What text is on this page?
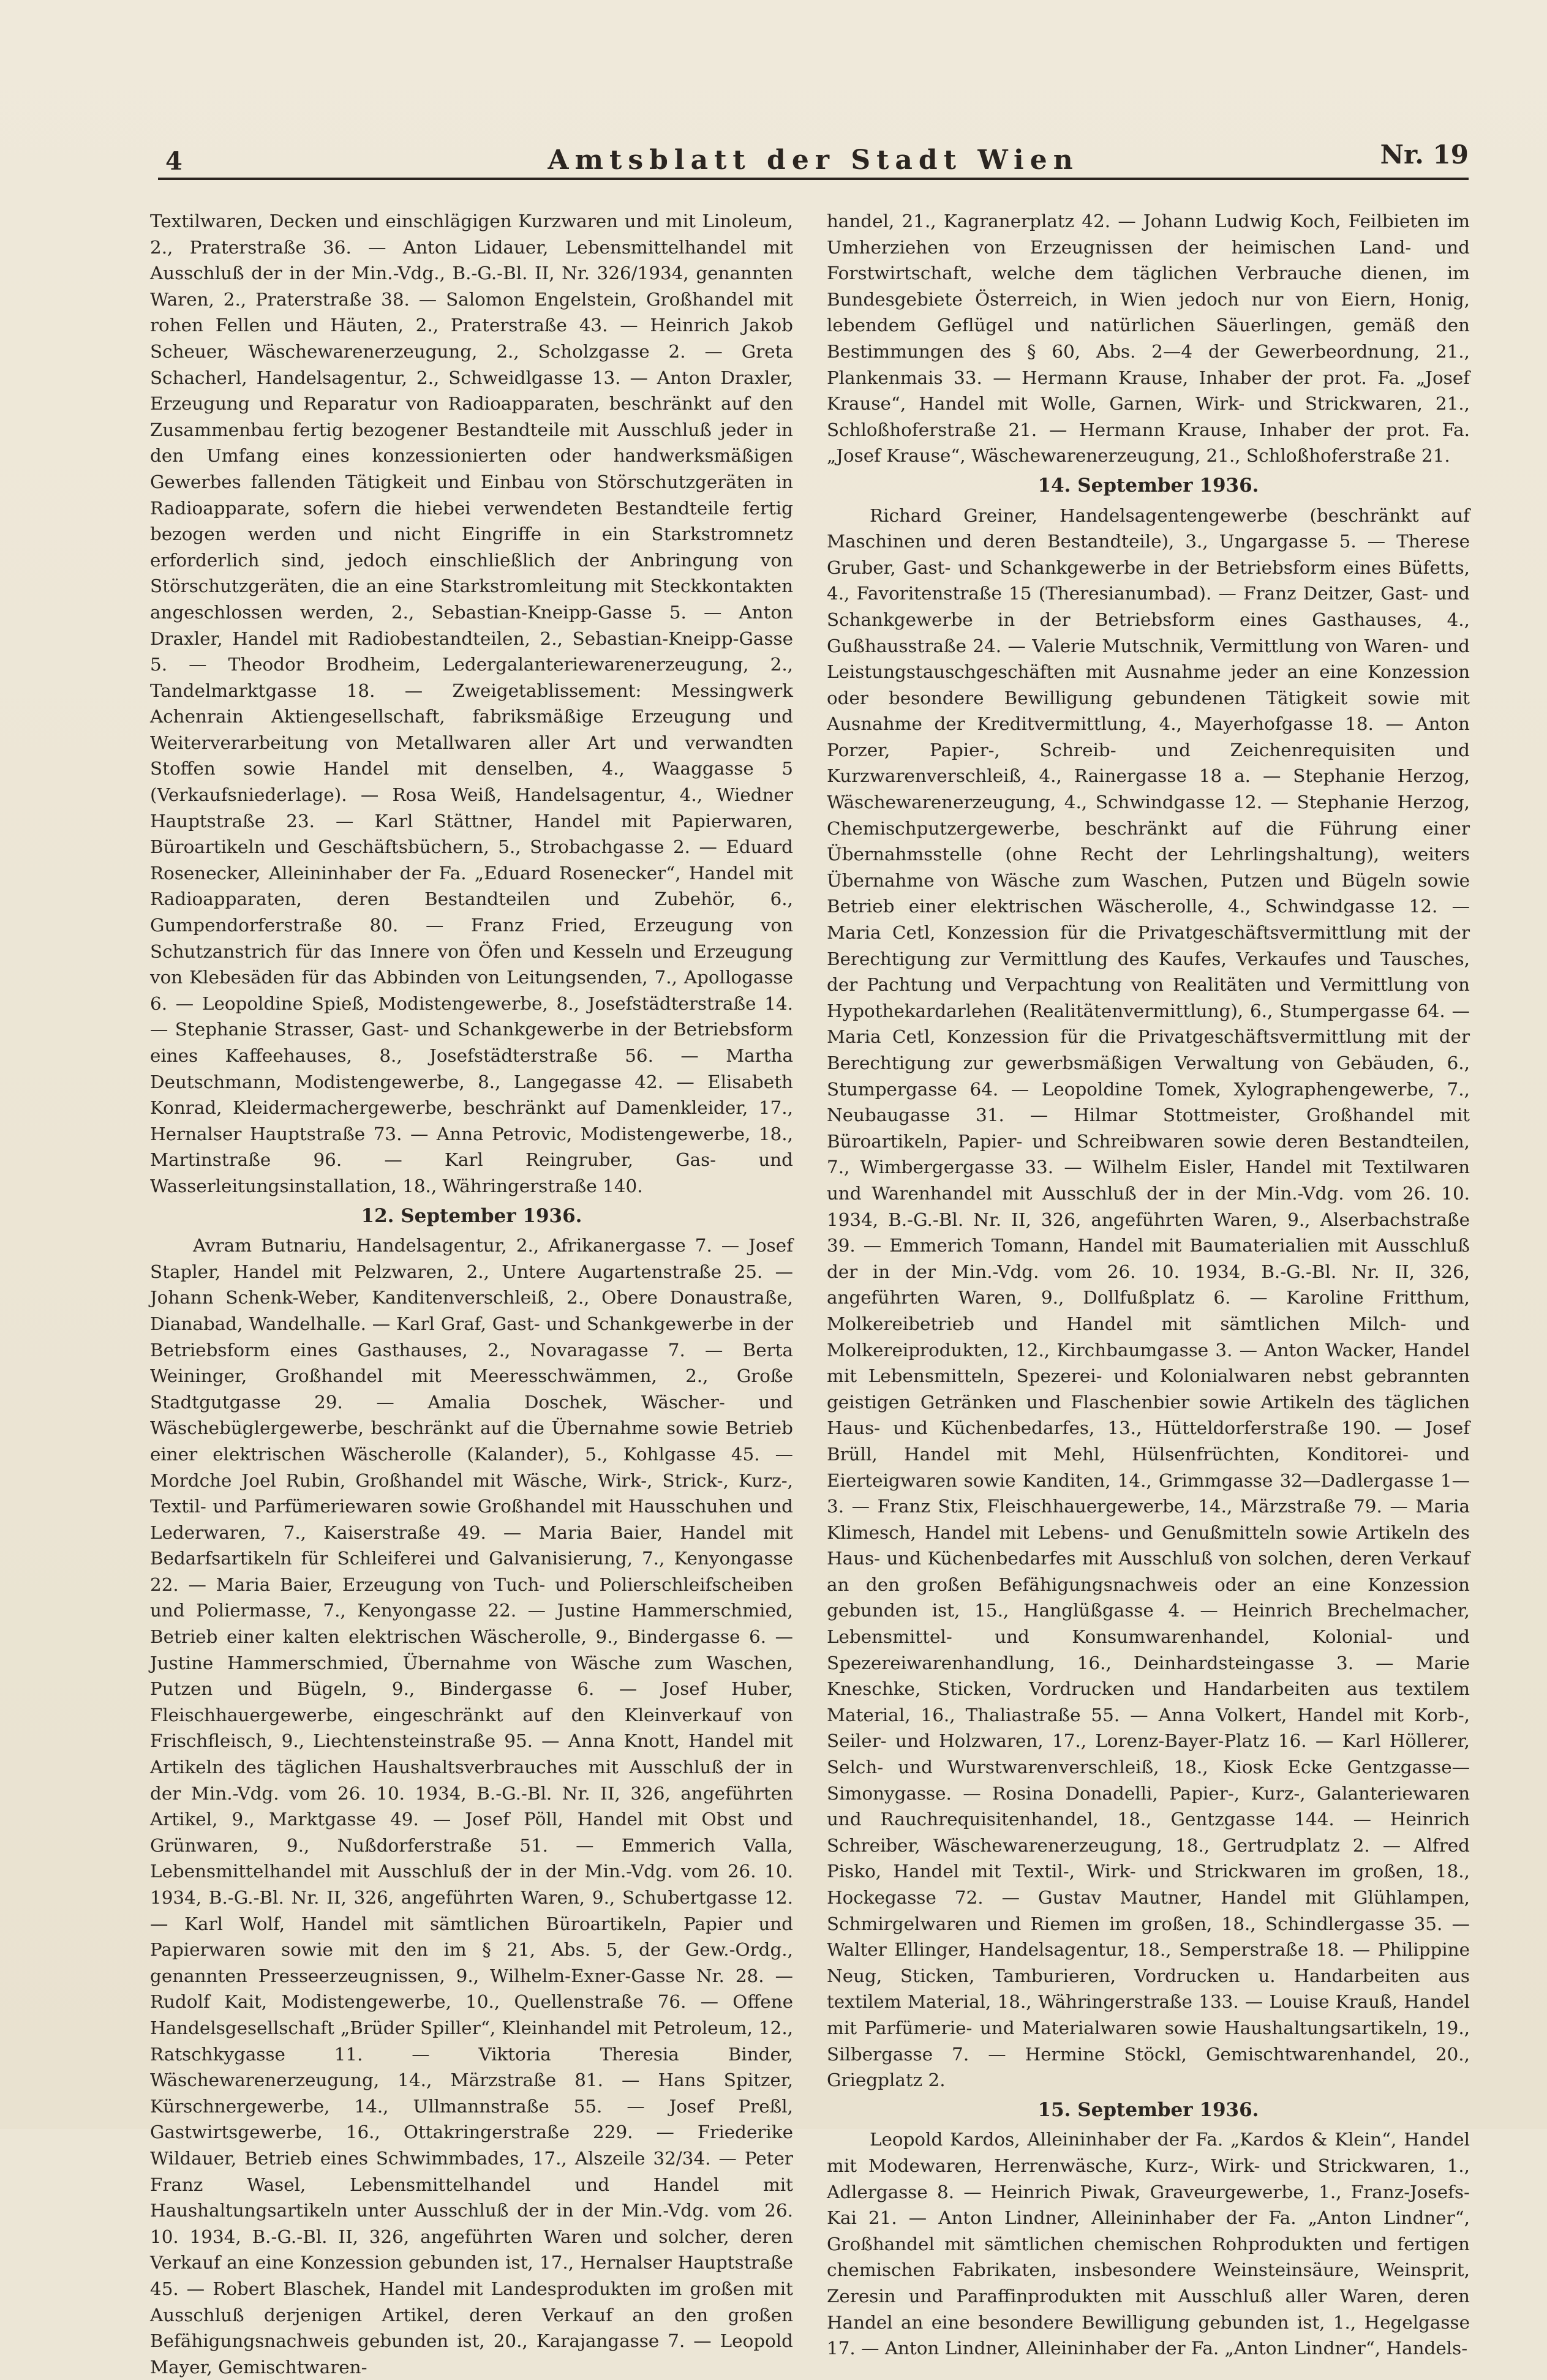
4	Amtsblatt der Stadt Wien	Nr. 19

Textilwaren, Decken und einschlägigen Kurzwaren und mit Linoleum, 2., Praterstraße 36. — Anton Lidauer, Lebensmittelhandel mit Ausschluß der in der Min.-Vdg., B.-G.-Bl. II, Nr. 326/1934, genannten Waren, 2., Praterstraße 38. — Salomon Engelstein, Großhandel mit rohen Fellen und Häuten, 2., Praterstraße 43. — Heinrich Jakob Scheuer, Wäschewarenerzeugung, 2., Scholzgasse 2. — Greta Schacherl, Handelsagentur, 2., Schweidlgasse 13. — Anton Draxler, Erzeugung und Reparatur von Radioapparaten, beschränkt auf den Zusammenbau fertig bezogener Bestandteile mit Ausschluß jeder in den Umfang eines konzessionierten oder handwerksmäßigen Gewerbes fallenden Tätigkeit und Einbau von Störschutzgeräten in Radioapparate, sofern die hiebei verwendeten Bestandteile fertig bezogen werden und nicht Eingriffe in ein Starkstromnetz erforderlich sind, jedoch einschließlich der Anbringung von Störschutzgeräten, die an eine Starkstromleitung mit Steckkontakten angeschlossen werden, 2., Sebastian-Kneipp-Gasse 5. — Anton Draxler, Handel mit Radiobestandteilen, 2., Sebastian-Kneipp-Gasse 5. — Theodor Brodheim, Ledergalanteriewarenerzeugung, 2., Tandelmarktgasse 18. — Zweigetablissement: Messingwerk Achenrain Aktiengesellschaft, fabriksmäßige Erzeugung und Weiterverarbeitung von Metallwaren aller Art und verwandten Stoffen sowie Handel mit denselben, 4., Waaggasse 5 (Verkaufsniederlage). — Rosa Weiß, Handelsagentur, 4., Wiedner Hauptstraße 23. — Karl Stättner, Handel mit Papierwaren, Büroartikeln und Geschäftsbüchern, 5., Strobachgasse 2. — Eduard Rosenecker, Alleininhaber der Fa. „Eduard Rosenecker“, Handel mit Radioapparaten, deren Bestandteilen und Zubehör, 6., Gumpendorferstraße 80. — Franz Fried, Erzeugung von Schutzanstrich für das Innere von Öfen und Kesseln und Erzeugung von Klebesäden für das Abbinden von Leitungsenden, 7., Apollogasse 6. — Leopoldine Spieß, Modistengewerbe, 8., Josefstädterstraße 14. — Stephanie Strasser, Gast- und Schankgewerbe in der Betriebsform eines Kaffeehauses, 8., Josefstädterstraße 56. — Martha Deutschmann, Modistengewerbe, 8., Langegasse 42. — Elisabeth Konrad, Kleidermachergewerbe, beschränkt auf Damenkleider, 17., Hernalser Hauptstraße 73. — Anna Petrovic, Modistengewerbe, 18., Martinstraße 96. — Karl Reingruber, Gas- und Wasserleitungsinstallation, 18., Währingerstraße 140.

12. September 1936.

Avram Butnariu, Handelsagentur, 2., Afrikanergasse 7. — Josef Stapler, Handel mit Pelzwaren, 2., Untere Augartenstraße 25. — Johann Schenk-Weber, Kanditenverschleiß, 2., Obere Donaustraße, Dianabad, Wandelhalle. — Karl Graf, Gast- und Schankgewerbe in der Betriebsform eines Gasthauses, 2., Novaragasse 7. — Berta Weininger, Großhandel mit Meeresschwämmen, 2., Große Stadtgutgasse 29. — Amalia Doschek, Wäscher- und Wäschebüglergewerbe, beschränkt auf die Übernahme sowie Betrieb einer elektrischen Wäscherolle (Kalander), 5., Kohlgasse 45. — Mordche Joel Rubin, Großhandel mit Wäsche, Wirk-, Strick-, Kurz-, Textil- und Parfümeriewaren sowie Großhandel mit Hausschuhen und Lederwaren, 7., Kaiserstraße 49. — Maria Baier, Handel mit Bedarfsartikeln für Schleiferei und Galvanisierung, 7., Kenyongasse 22. — Maria Baier, Erzeugung von Tuch- und Polierschleifscheiben und Poliermasse, 7., Kenyongasse 22. — Justine Hammerschmied, Betrieb einer kalten elektrischen Wäscherolle, 9., Bindergasse 6. — Justine Hammerschmied, Übernahme von Wäsche zum Waschen, Putzen und Bügeln, 9., Bindergasse 6. — Josef Huber, Fleischhauergewerbe, eingeschränkt auf den Kleinverkauf von Frischfleisch, 9., Liechtensteinstraße 95. — Anna Knott, Handel mit Artikeln des täglichen Haushaltsverbrauches mit Ausschluß der in der Min.-Vdg. vom 26. 10. 1934, B.-G.-Bl. Nr. II, 326, angeführten Artikel, 9., Marktgasse 49. — Josef Pöll, Handel mit Obst und Grünwaren, 9., Nußdorferstraße 51. — Emmerich Valla, Lebensmittelhandel mit Ausschluß der in der Min.-Vdg. vom 26. 10. 1934, B.-G.-Bl. Nr. II, 326, angeführten Waren, 9., Schubertgasse 12. — Karl Wolf, Handel mit sämtlichen Büroartikeln, Papier und Papierwaren sowie mit den im § 21, Abs. 5, der Gew.-Ordg., genannten Presseerzeugnissen, 9., Wilhelm-Exner-Gasse Nr. 28. — Rudolf Kait, Modistengewerbe, 10., Quellenstraße 76. — Offene Handelsgesellschaft „Brüder Spiller“, Kleinhandel mit Petroleum, 12., Ratschkygasse 11. — Viktoria Theresia Binder, Wäschewarenerzeugung, 14., Märzstraße 81. — Hans Spitzer, Kürschnergewerbe, 14., Ullmannstraße 55. — Josef Preßl, Gastwirtsgewerbe, 16., Ottakringerstraße 229. — Friederike Wildauer, Betrieb eines Schwimmbades, 17., Alszeile 32/34. — Peter Franz Wasel, Lebensmittelhandel und Handel mit Haushaltungsartikeln unter Ausschluß der in der Min.-Vdg. vom 26. 10. 1934, B.-G.-Bl. II, 326, angeführten Waren und solcher, deren Verkauf an eine Konzession gebunden ist, 17., Hernalser Hauptstraße 45. — Robert Blaschek, Handel mit Landesprodukten im großen mit Ausschluß derjenigen Artikel, deren Verkauf an den großen Befähigungsnachweis gebunden ist, 20., Karajangasse 7. — Leopold Mayer, Gemischtwaren-

handel, 21., Kagranerplatz 42. — Johann Ludwig Koch, Feilbieten im Umherziehen von Erzeugnissen der heimischen Land- und Forstwirtschaft, welche dem täglichen Verbrauche dienen, im Bundesgebiete Österreich, in Wien jedoch nur von Eiern, Honig, lebendem Geflügel und natürlichen Säuerlingen, gemäß den Bestimmungen des § 60, Abs. 2—4 der Gewerbeordnung, 21., Plankenmais 33. — Hermann Krause, Inhaber der prot. Fa. „Josef Krause“, Handel mit Wolle, Garnen, Wirk- und Strickwaren, 21., Schloßhoferstraße 21. — Hermann Krause, Inhaber der prot. Fa. „Josef Krause“, Wäschewarenerzeugung, 21., Schloßhoferstraße 21.

14. September 1936.

Richard Greiner, Handelsagentengewerbe (beschränkt auf Maschinen und deren Bestandteile), 3., Ungargasse 5. — Therese Gruber, Gast- und Schankgewerbe in der Betriebsform eines Büfetts, 4., Favoritenstraße 15 (Theresianumbad). — Franz Deitzer, Gast- und Schankgewerbe in der Betriebsform eines Gasthauses, 4., Gußhausstraße 24. — Valerie Mutschnik, Vermittlung von Waren- und Leistungstauschgeschäften mit Ausnahme jeder an eine Konzession oder besondere Bewilligung gebundenen Tätigkeit sowie mit Ausnahme der Kreditvermittlung, 4., Mayerhofgasse 18. — Anton Porzer, Papier-, Schreib- und Zeichenrequisiten und Kurzwarenverschleiß, 4., Rainergasse 18 a. — Stephanie Herzog, Wäschewarenerzeugung, 4., Schwindgasse 12. — Stephanie Herzog, Chemischputzergewerbe, beschränkt auf die Führung einer Übernahmsstelle (ohne Recht der Lehrlingshaltung), weiters Übernahme von Wäsche zum Waschen, Putzen und Bügeln sowie Betrieb einer elektrischen Wäscherolle, 4., Schwindgasse 12. — Maria Cetl, Konzession für die Privatgeschäftsvermittlung mit der Berechtigung zur Vermittlung des Kaufes, Verkaufes und Tausches, der Pachtung und Verpachtung von Realitäten und Vermittlung von Hypothekardarlehen (Realitätenvermittlung), 6., Stumpergasse 64. — Maria Cetl, Konzession für die Privatgeschäftsvermittlung mit der Berechtigung zur gewerbsmäßigen Verwaltung von Gebäuden, 6., Stumpergasse 64. — Leopoldine Tomek, Xylographengewerbe, 7., Neubaugasse 31. — Hilmar Stottmeister, Großhandel mit Büroartikeln, Papier- und Schreibwaren sowie deren Bestandteilen, 7., Wimbergergasse 33. — Wilhelm Eisler, Handel mit Textilwaren und Warenhandel mit Ausschluß der in der Min.-Vdg. vom 26. 10. 1934, B.-G.-Bl. Nr. II, 326, angeführten Waren, 9., Alserbachstraße 39. — Emmerich Tomann, Handel mit Baumaterialien mit Ausschluß der in der Min.-Vdg. vom 26. 10. 1934, B.-G.-Bl. Nr. II, 326, angeführten Waren, 9., Dollfußplatz 6. — Karoline Fritthum, Molkereibetrieb und Handel mit sämtlichen Milch- und Molkereiprodukten, 12., Kirchbaumgasse 3. — Anton Wacker, Handel mit Lebensmitteln, Spezerei- und Kolonialwaren nebst gebrannten geistigen Getränken und Flaschenbier sowie Artikeln des täglichen Haus- und Küchenbedarfes, 13., Hütteldorferstraße 190. — Josef Brüll, Handel mit Mehl, Hülsenfrüchten, Konditorei- und Eierteigwaren sowie Kanditen, 14., Grimmgasse 32—Dadlergasse 1—3. — Franz Stix, Fleischhauergewerbe, 14., Märzstraße 79. — Maria Klimesch, Handel mit Lebens- und Genußmitteln sowie Artikeln des Haus- und Küchenbedarfes mit Ausschluß von solchen, deren Verkauf an den großen Befähigungsnachweis oder an eine Konzession gebunden ist, 15., Hanglüßgasse 4. — Heinrich Brechelmacher, Lebensmittel- und Konsumwarenhandel, Kolonial- und Spezereiwarenhandlung, 16., Deinhardsteingasse 3. — Marie Kneschke, Sticken, Vordrucken und Handarbeiten aus textilem Material, 16., Thaliastraße 55. — Anna Volkert, Handel mit Korb-, Seiler- und Holzwaren, 17., Lorenz-Bayer-Platz 16. — Karl Höllerer, Selch- und Wurstwarenverschleiß, 18., Kiosk Ecke Gentzgasse—Simonygasse. — Rosina Donadelli, Papier-, Kurz-, Galanteriewaren und Rauchrequisitenhandel, 18., Gentzgasse 144. — Heinrich Schreiber, Wäschewarenerzeugung, 18., Gertrudplatz 2. — Alfred Pisko, Handel mit Textil-, Wirk- und Strickwaren im großen, 18., Hockegasse 72. — Gustav Mautner, Handel mit Glühlampen, Schmirgelwaren und Riemen im großen, 18., Schindlergasse 35. — Walter Ellinger, Handelsagentur, 18., Semperstraße 18. — Philippine Neug, Sticken, Tamburieren, Vordrucken u. Handarbeiten aus textilem Material, 18., Währingerstraße 133. — Louise Krauß, Handel mit Parfümerie- und Materialwaren sowie Haushaltungsartikeln, 19., Silbergasse 7. — Hermine Stöckl, Gemischtwarenhandel, 20., Griegplatz 2.

15. September 1936.

Leopold Kardos, Alleininhaber der Fa. „Kardos & Klein“, Handel mit Modewaren, Herrenwäsche, Kurz-, Wirk- und Strickwaren, 1., Adlergasse 8. — Heinrich Piwak, Graveurgewerbe, 1., Franz-Josefs-Kai 21. — Anton Lindner, Alleininhaber der Fa. „Anton Lindner“, Großhandel mit sämtlichen chemischen Rohprodukten und fertigen chemischen Fabrikaten, insbesondere Weinsteinsäure, Weinsprit, Zeresin und Paraffinprodukten mit Ausschluß aller Waren, deren Handel an eine besondere Bewilligung gebunden ist, 1., Hegelgasse 17. — Anton Lindner, Alleininhaber der Fa. „Anton Lindner“, Handels-
